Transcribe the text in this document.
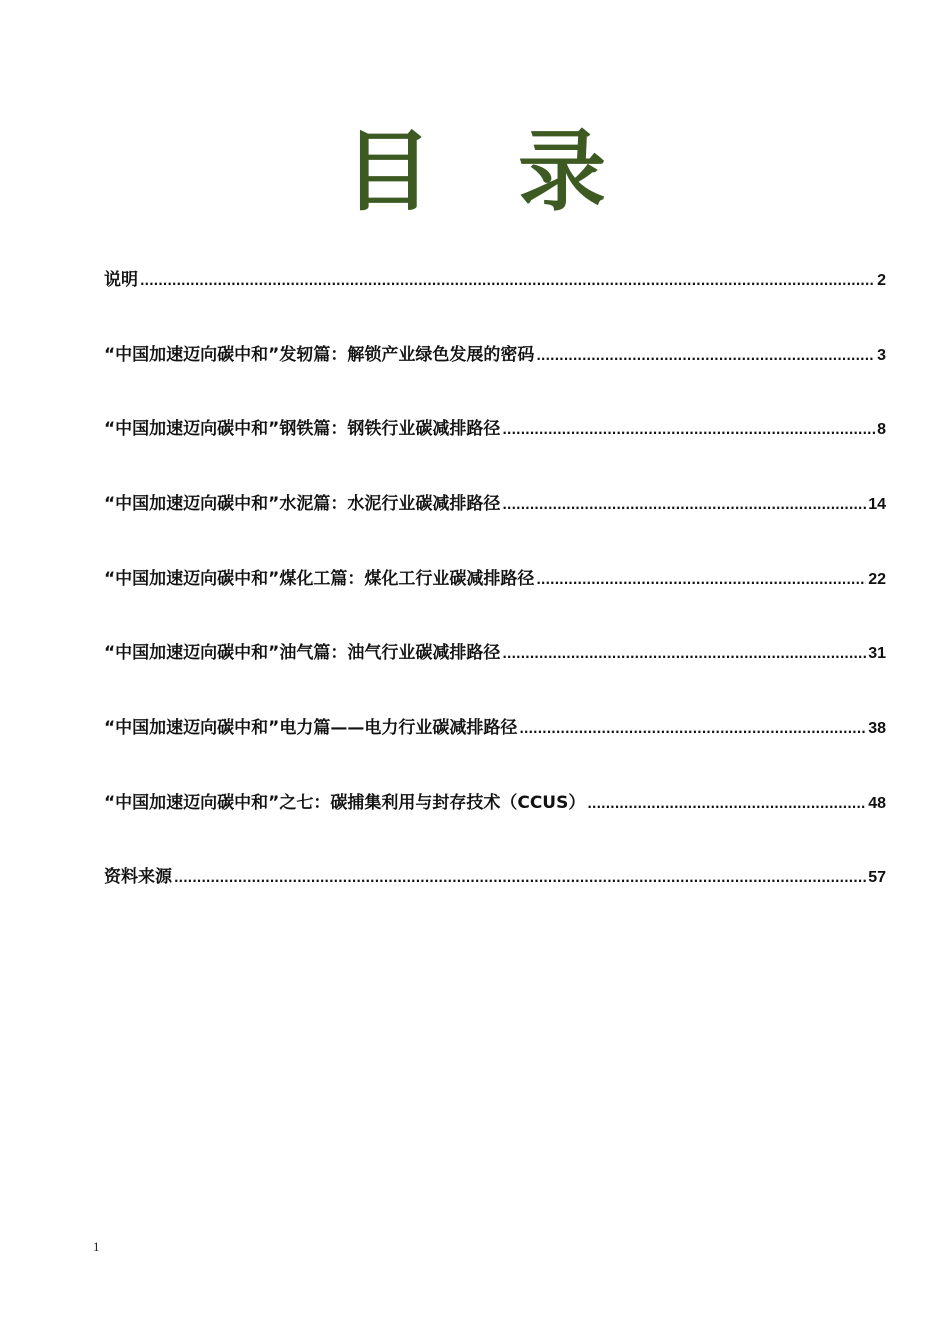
目 录
说明 .....	2
“中国加速迈向碳中和”发轫篇：解锁产业绿色发展的密码 .....	3
“中国加速迈向碳中和”钢铁篇：钢铁行业碳减排路径 .....	8
“中国加速迈向碳中和”水泥篇：水泥行业碳减排路径 .....	14
“中国加速迈向碳中和”煤化工篇：煤化工行业碳减排路径 .....	22
“中国加速迈向碳中和”油气篇：油气行业碳减排路径 .....	31
“中国加速迈向碳中和”电力篇——电力行业碳减排路径 .....	38
“中国加速迈向碳中和”之七：碳捕集利用与封存技术（CCUS） .....	48
资料来源 .....	57
1
